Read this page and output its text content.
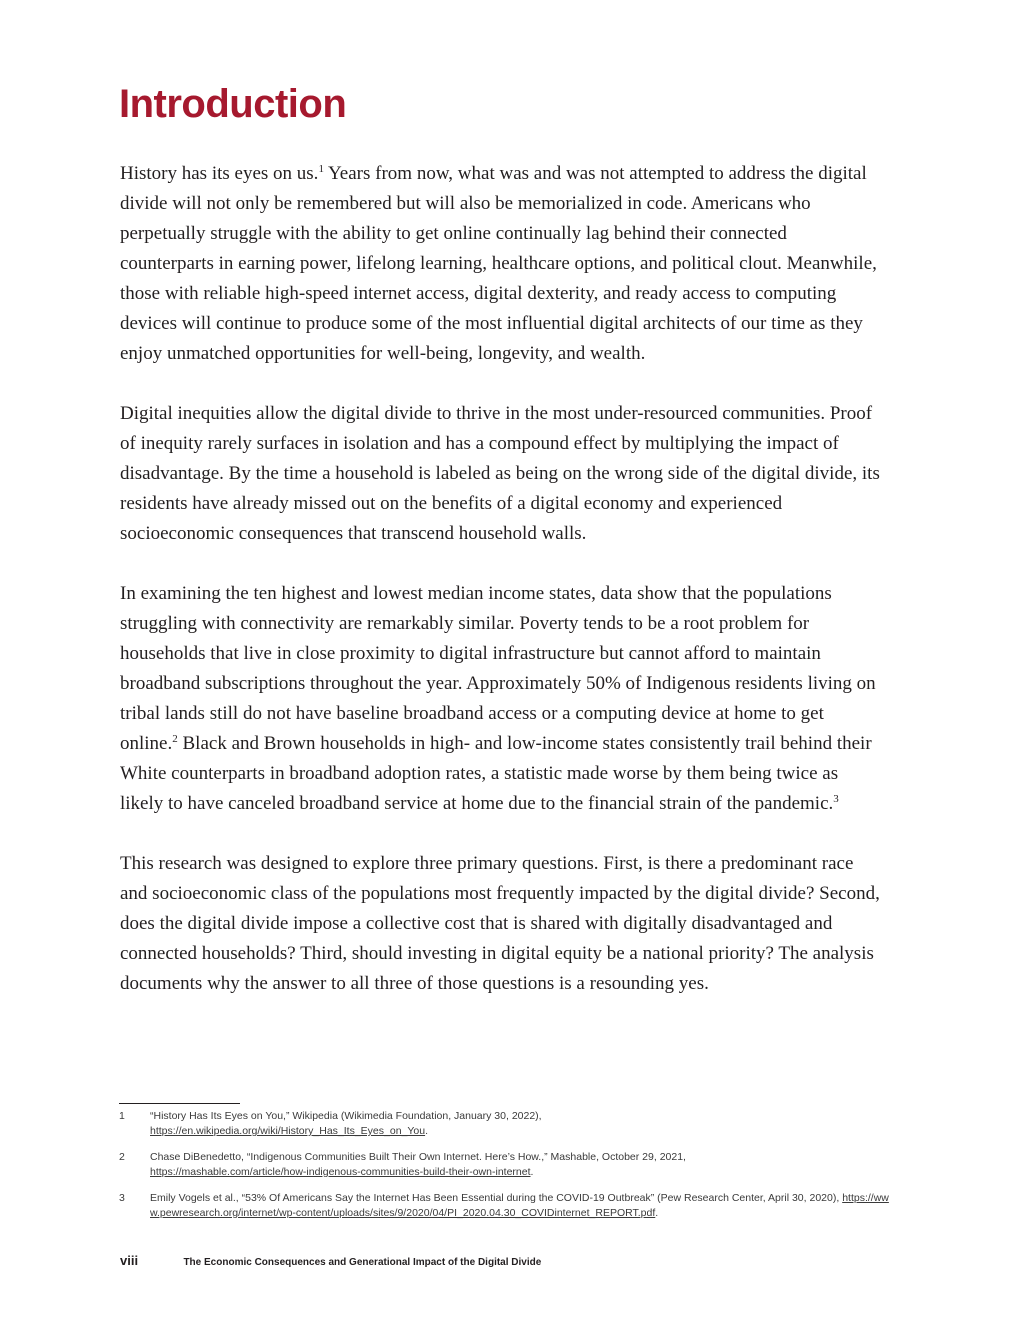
Introduction

History has its eyes on us.$^1$ Years from now, what was and was not attempted to address the digital divide will not only be remembered but will also be memorialized in code. Americans who perpetually struggle with the ability to get online continually lag behind their connected counterparts in earning power, lifelong learning, healthcare options, and political clout. Meanwhile, those with reliable high-speed internet access, digital dexterity, and ready access to computing devices will continue to produce some of the most influential digital architects of our time as they enjoy unmatched opportunities for well-being, longevity, and wealth.

Digital inequities allow the digital divide to thrive in the most under-resourced communities. Proof of inequity rarely surfaces in isolation and has a compound effect by multiplying the impact of disadvantage. By the time a household is labeled as being on the wrong side of the digital divide, its residents have already missed out on the benefits of a digital economy and experienced socioeconomic consequences that transcend household walls.

In examining the ten highest and lowest median income states, data show that the populations struggling with connectivity are remarkably similar. Poverty tends to be a root problem for households that live in close proximity to digital infrastructure but cannot afford to maintain broadband subscriptions throughout the year. Approximately 50% of Indigenous residents living on tribal lands still do not have baseline broadband access or a computing device at home to get online.$^2$ Black and Brown households in high- and low-income states consistently trail behind their White counterparts in broadband adoption rates, a statistic made worse by them being twice as likely to have canceled broadband service at home due to the financial strain of the pandemic.$^3$

This research was designed to explore three primary questions. First, is there a predominant race and socioeconomic class of the populations most frequently impacted by the digital divide? Second, does the digital divide impose a collective cost that is shared with digitally disadvantaged and connected households? Third, should investing in digital equity be a national priority? The analysis documents why the answer to all three of those questions is a resounding yes.

1 “History Has Its Eyes on You,” Wikipedia (Wikimedia Foundation, January 30, 2022),
https://en.wikipedia.org/wiki/History_Has_Its_Eyes_on_You.
2 Chase DiBenedetto, “Indigenous Communities Built Their Own Internet. Here’s How.,” Mashable, October 29, 2021,
https://mashable.com/article/how-indigenous-communities-build-their-own-internet.
3 Emily Vogels et al., “53% Of Americans Say the Internet Has Been Essential during the COVID-19 Outbreak” (Pew Research Center, April 30, 2020), https://www.pewresearch.org/internet/wp-content/uploads/sites/9/2020/04/PI_2020.04.30_COVIDinternet_REPORT.pdf.
viii	The Economic Consequences and Generational Impact of the Digital Divide
